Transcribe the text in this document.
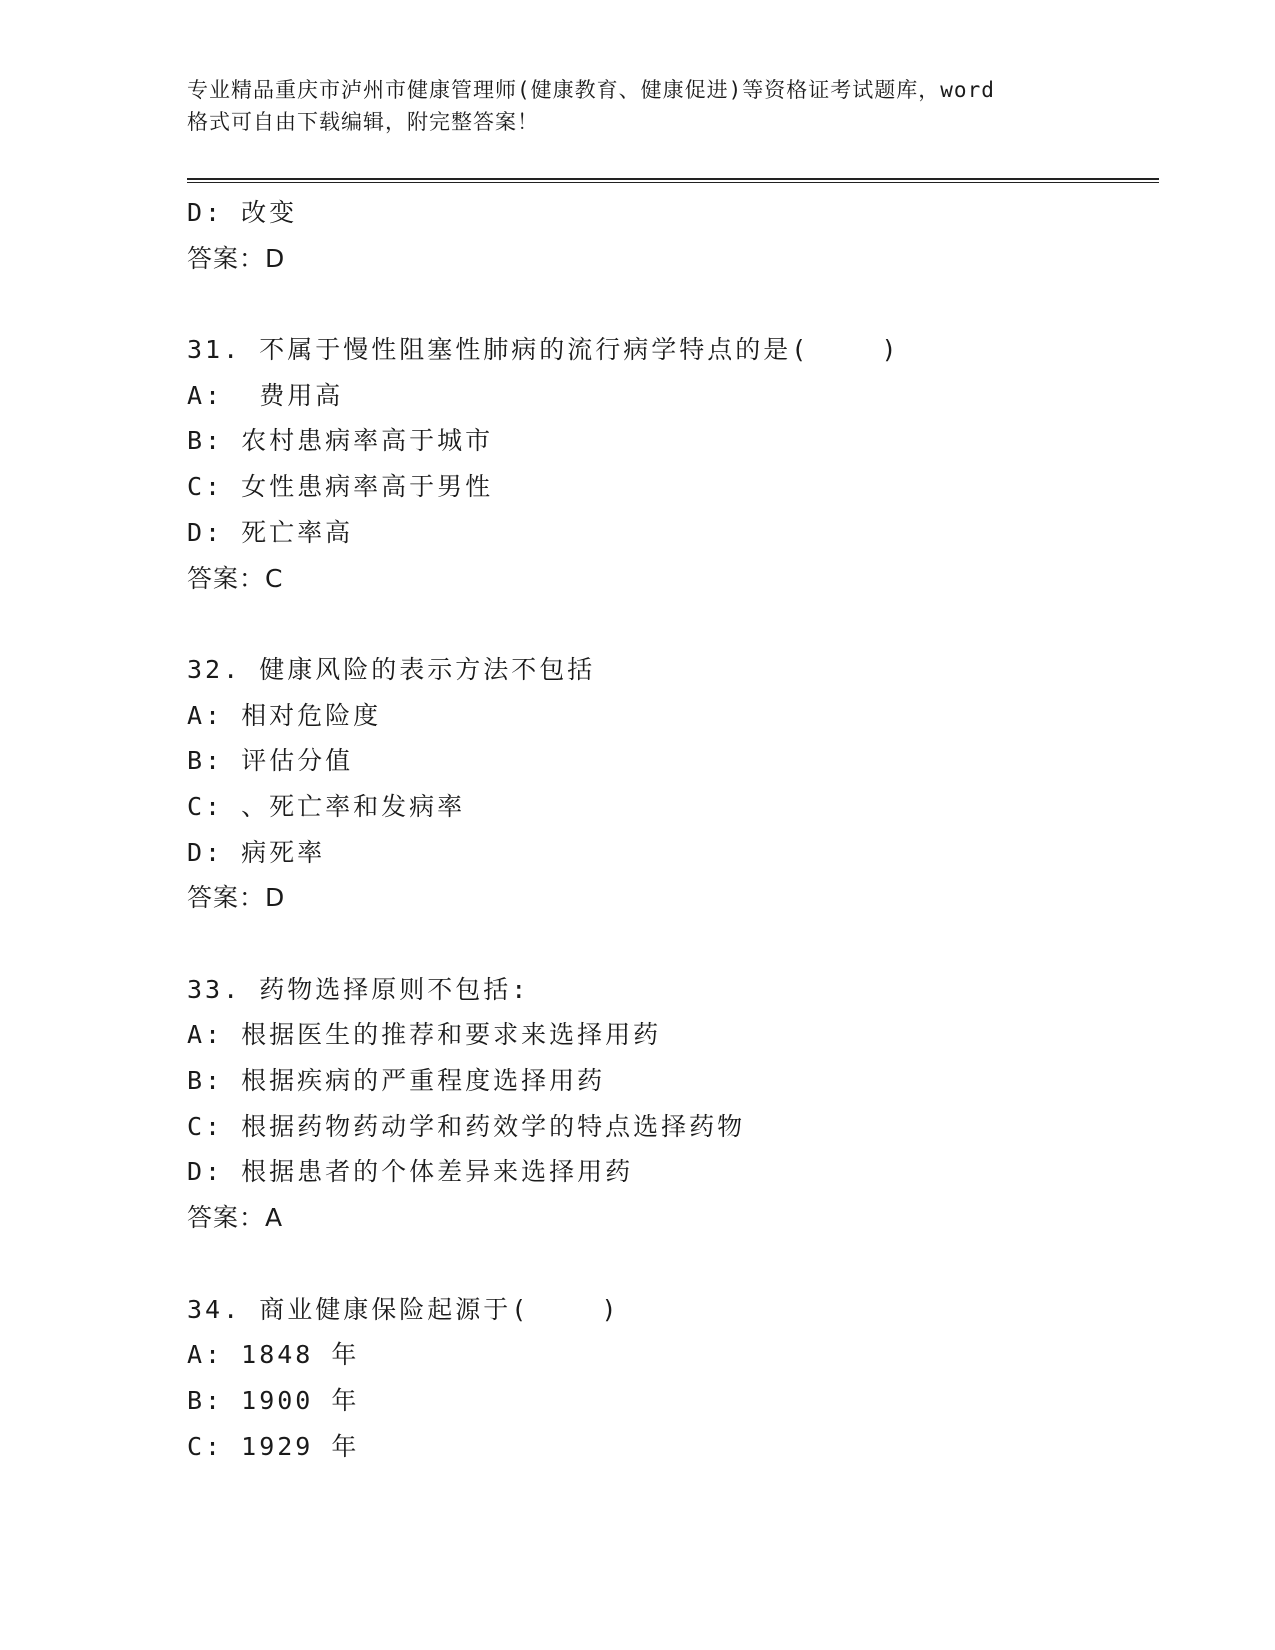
专业精品重庆市泸州市健康管理师(健康教育、健康促进)等资格证考试题库，word
格式可自由下载编辑，附完整答案！
D: 改变
答案：D
31. 不属于慢性阻塞性肺病的流行病学特点的是(    )
A:  费用高
B: 农村患病率高于城市
C: 女性患病率高于男性
D: 死亡率高
答案：C
32. 健康风险的表示方法不包括
A: 相对危险度
B: 评估分值
C: 、死亡率和发病率
D: 病死率
答案：D
33. 药物选择原则不包括:
A: 根据医生的推荐和要求来选择用药
B: 根据疾病的严重程度选择用药
C: 根据药物药动学和药效学的特点选择药物
D: 根据患者的个体差异来选择用药
答案：A
34. 商业健康保险起源于(    )
A: 1848 年
B: 1900 年
C: 1929 年
